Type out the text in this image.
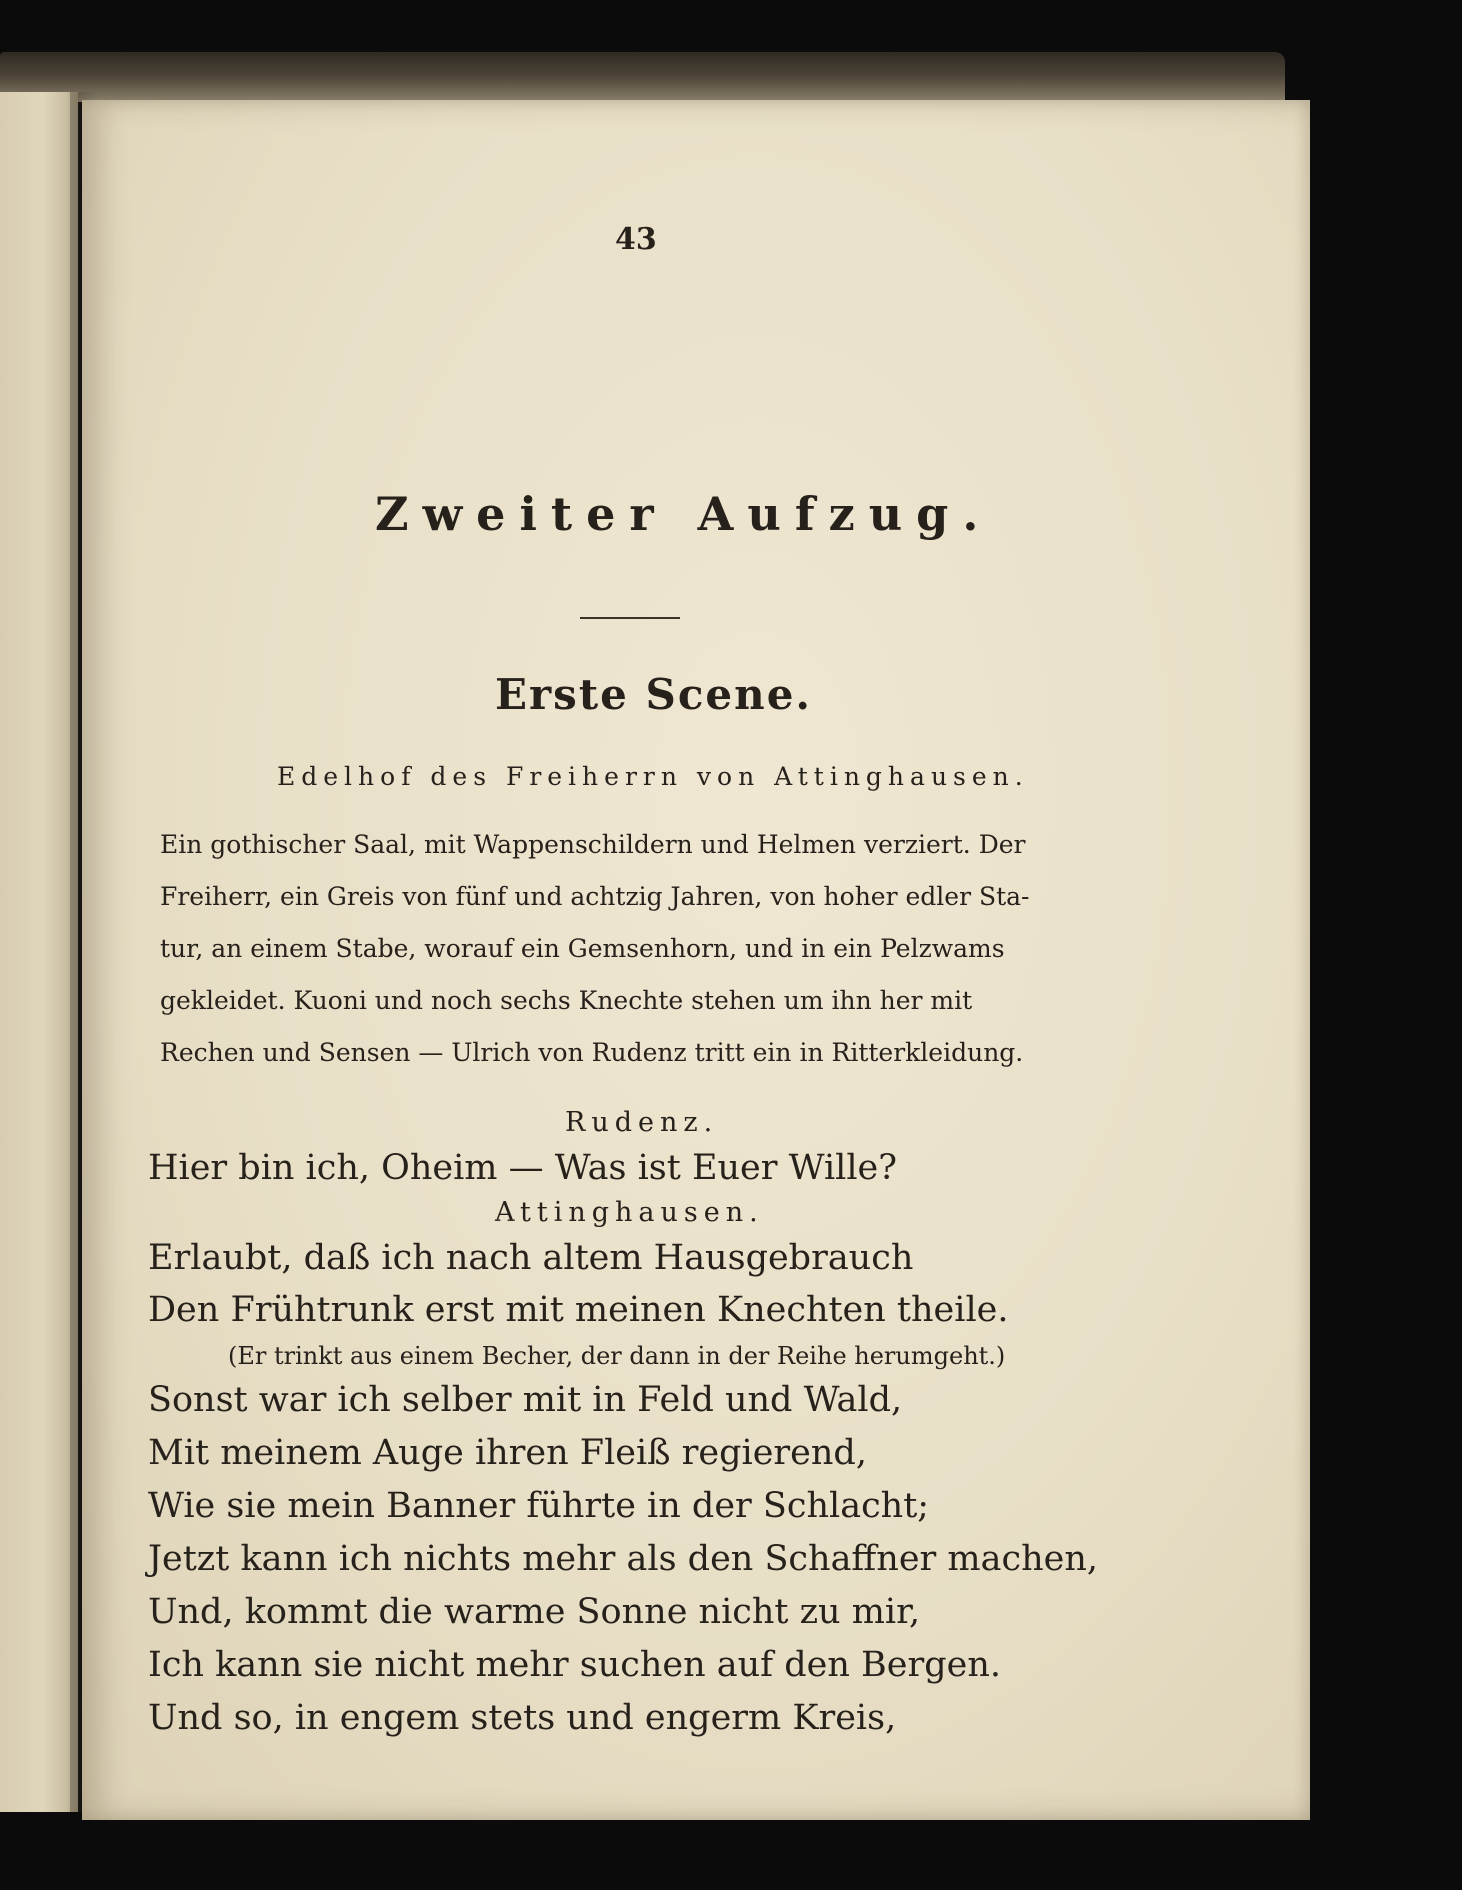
43
Zweiter Aufzug.
Erste Scene.
Edelhof des Freiherrn von Attinghausen.
Ein gothischer Saal, mit Wappenschildern und Helmen verziert. Der
Freiherr, ein Greis von fünf und achtzig Jahren, von hoher edler Sta-
tur, an einem Stabe, worauf ein Gemsenhorn, und in ein Pelzwams
gekleidet. Kuoni und noch sechs Knechte stehen um ihn her mit
Rechen und Sensen — Ulrich von Rudenz tritt ein in Ritterkleidung.
Rudenz.
Hier bin ich, Oheim — Was ist Euer Wille?
Attinghausen.
Erlaubt, daß ich nach altem Hausgebrauch
Den Frühtrunk erst mit meinen Knechten theile.
(Er trinkt aus einem Becher, der dann in der Reihe herumgeht.)
Sonst war ich selber mit in Feld und Wald,
Mit meinem Auge ihren Fleiß regierend,
Wie sie mein Banner führte in der Schlacht;
Jetzt kann ich nichts mehr als den Schaffner machen,
Und, kommt die warme Sonne nicht zu mir,
Ich kann sie nicht mehr suchen auf den Bergen.
Und so, in engem stets und engerm Kreis,
